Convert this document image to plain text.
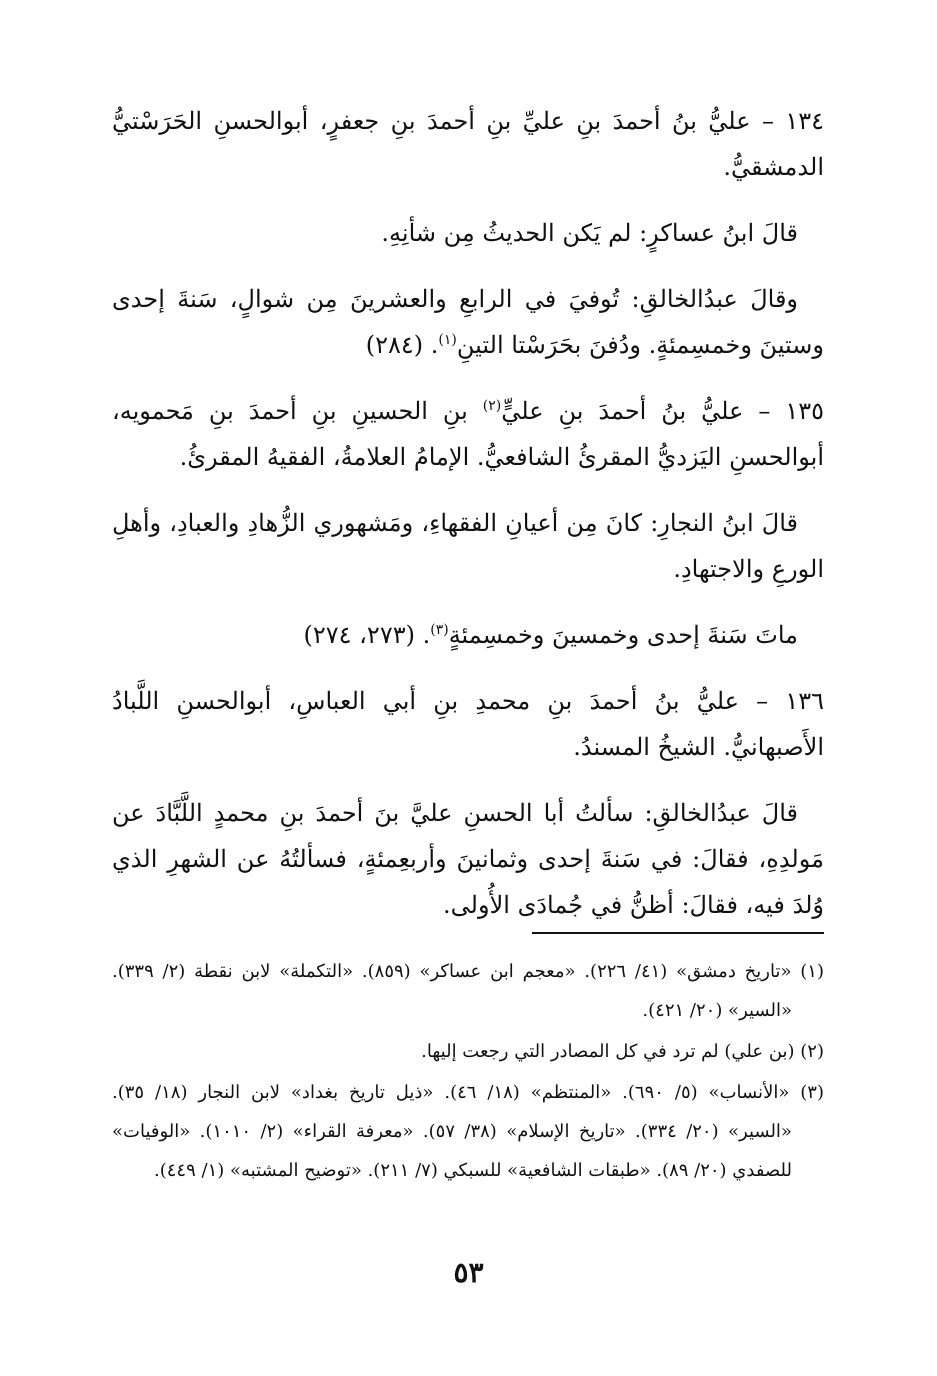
١٣٤ – عليُّ بنُ أحمدَ بنِ عليِّ بنِ أحمدَ بنِ جعفرٍ، أبوالحسنِ الحَرَسْتيُّ الدمشقيُّ.

قالَ ابنُ عساكرٍ: لم يَكن الحديثُ مِن شأنِهِ.

وقالَ عبدُالخالقِ: تُوفيَ في الرابعِ والعشرينَ مِن شوالٍ، سَنةَ إحدى وستينَ وخمسِمئةٍ. ودُفنَ بحَرَسْتا التينِ$^{(١)}$. (٢٨٤)

١٣٥ – عليُّ بنُ أحمدَ بنِ عليٍّ$^{(٢)}$ بنِ الحسينِ بنِ أحمدَ بنِ مَحمويه، أبوالحسنِ اليَزديُّ المقرئُ الشافعيُّ. الإمامُ العلامةُ، الفقيهُ المقرئُ.

قالَ ابنُ النجارِ: كانَ مِن أعيانِ الفقهاءِ، ومَشهوري الزُّهادِ والعبادِ، وأهلِ الورعِ والاجتهادِ.

ماتَ سَنةَ إحدى وخمسينَ وخمسِمئةٍ$^{(٣)}$. (٢٧٣، ٢٧٤)

١٣٦ – عليُّ بنُ أحمدَ بنِ محمدِ بنِ أبي العباسِ، أبوالحسنِ اللَّبادُ الأَصبهانيُّ. الشيخُ المسندُ.

قالَ عبدُالخالقِ: سألتُ أبا الحسنِ عليَّ بنَ أحمدَ بنِ محمدٍ اللَّبَّادَ عن مَولدِهِ، فقالَ: في سَنةَ إحدى وثمانينَ وأربعِمئةٍ، فسألتُهُ عن الشهرِ الذي وُلدَ فيه، فقالَ: أظنُّ في جُمادَى الأُولى.

(١) «تاريخ دمشق» (٤١/ ٢٢٦). «معجم ابن عساكر» (٨٥٩). «التكملة» لابن نقطة (٢/ ٣٣٩). «السير» (٢٠/ ٤٢١).

(٢) (بن علي) لم ترد في كل المصادر التي رجعت إليها.

(٣) «الأنساب» (٥/ ٦٩٠). «المنتظم» (١٨/ ٤٦). «ذيل تاريخ بغداد» لابن النجار (١٨/ ٣٥). «السير» (٢٠/ ٣٣٤). «تاريخ الإسلام» (٣٨/ ٥٧). «معرفة القراء» (٢/ ١٠١٠). «الوفيات» للصفدي (٢٠/ ٨٩). «طبقات الشافعية» للسبكي (٧/ ٢١١). «توضيح المشتبه» (١/ ٤٤٩).

٥٣
